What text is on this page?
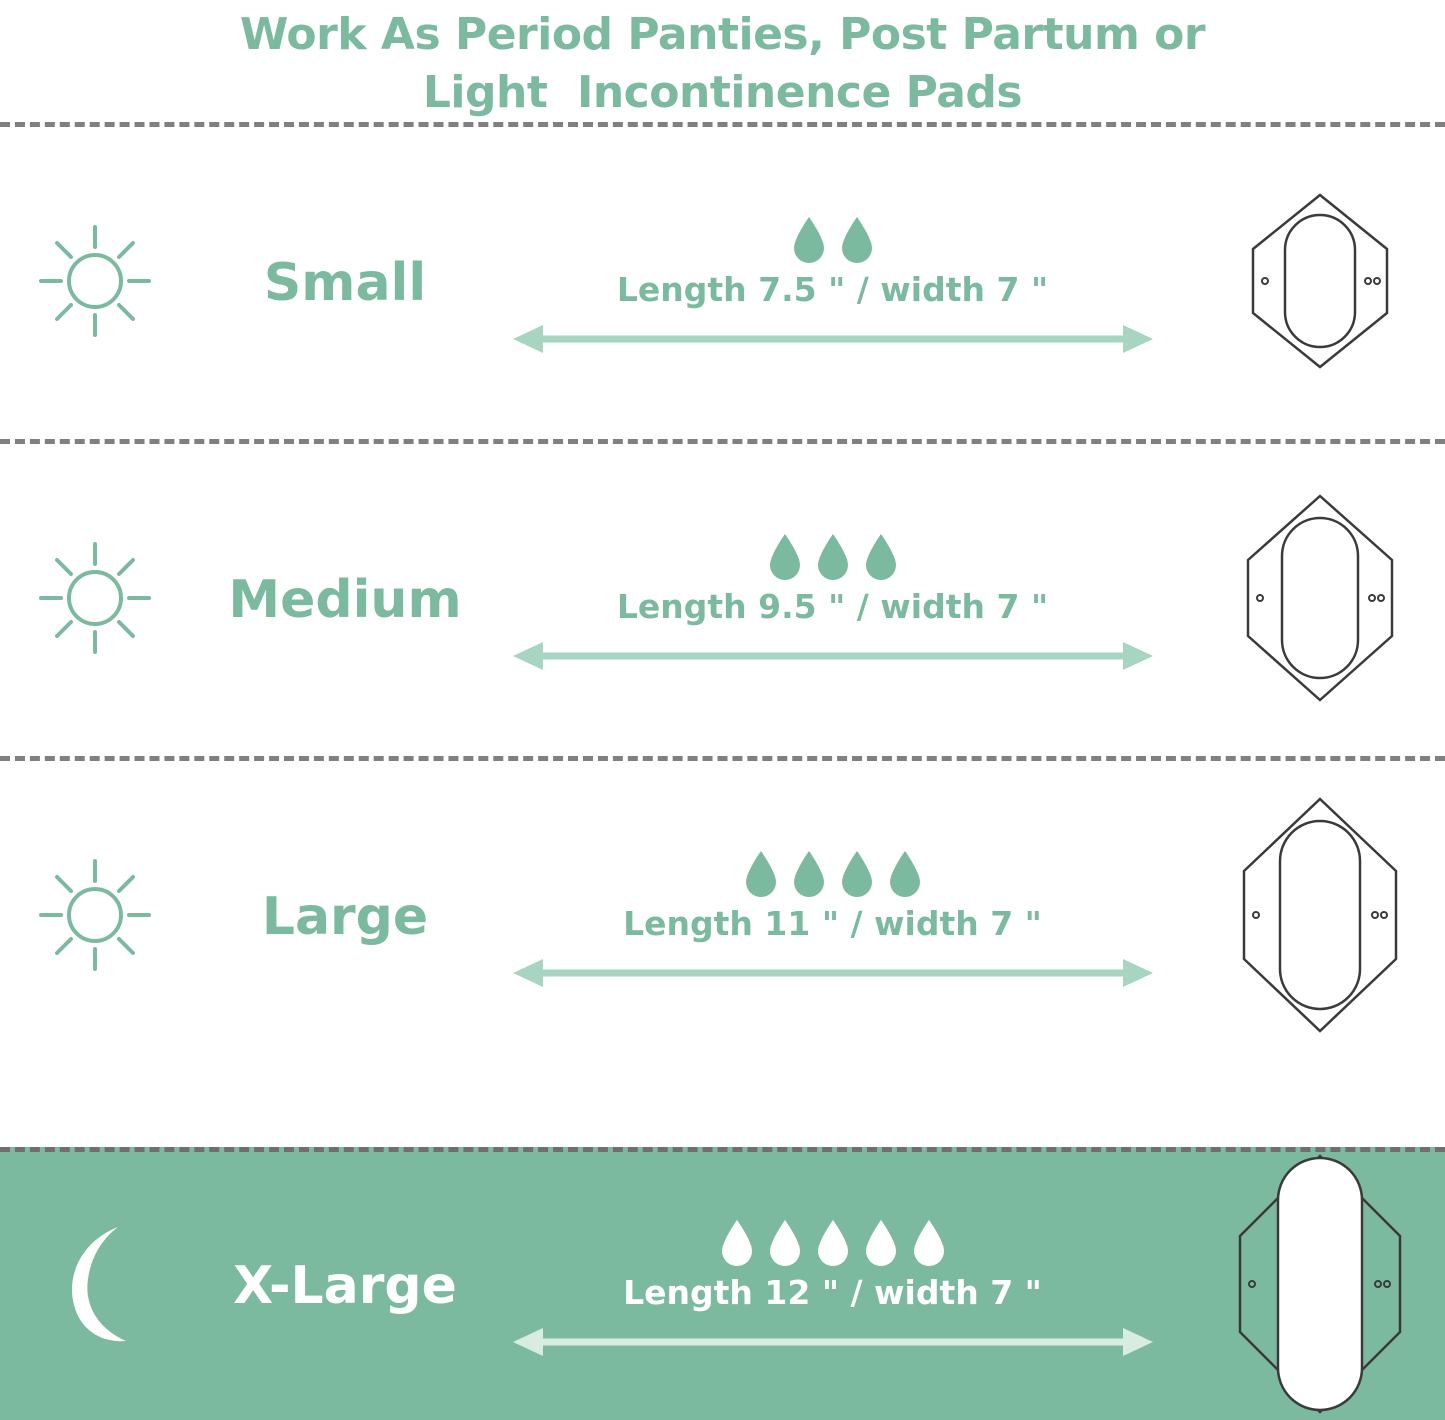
Work As Period Panties, Post Partum or
Light  Incontinence Pads
Small	Length 7.5 " / width 7 "
Medium	Length 9.5 " / width 7 "
Large	Length 11 " / width 7 "
X-Large	Length 12 " / width 7 "
